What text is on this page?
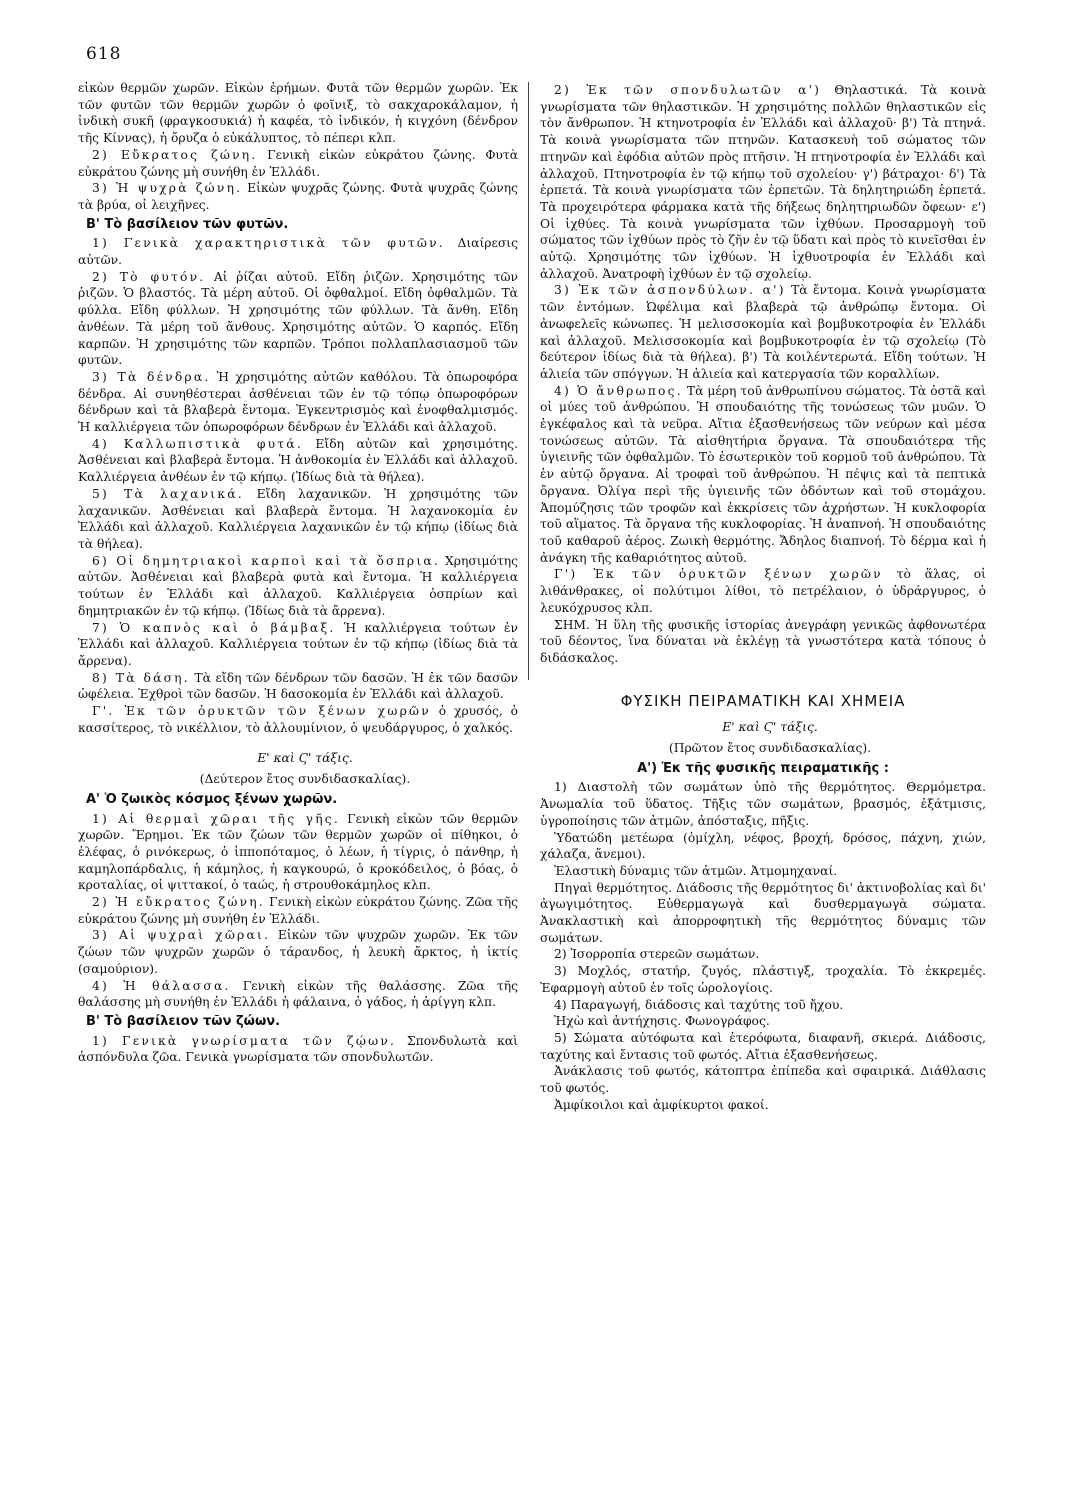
618

εἰκὼν θερμῶν χωρῶν. Εἰκὼν ἐρήμων. Φυτὰ τῶν θερμῶν χωρῶν. Ἐκ τῶν φυτῶν τῶν θερμῶν χωρῶν ὁ φοῖνιξ, τὸ σακχαροκάλαμον, ἡ ἰνδικὴ συκῆ (φραγκοσυκιά) ἡ καφέα, τὸ ἰνδικόν, ἡ κιγχόνη (δένδρον τῆς Κίννας), ἡ ὄρυζα ὁ εὐκάλυπτος, τὸ πέπερι κλπ.

2) Εὔκρατος ζώνη. Γενικὴ εἰκὼν εὐκράτου ζώνης. Φυτὰ εὐκράτου ζώνης μὴ συνήθη ἐν Ἑλλάδι.

3) Ἡ ψυχρὰ ζώνη. Εἰκὼν ψυχρᾶς ζώνης. Φυτὰ ψυχρᾶς ζώνης τὰ βρύα, οἱ λειχῆνες.

Β' Τὸ βασίλειον τῶν φυτῶν.

1) Γενικὰ χαρακτηριστικὰ τῶν φυτῶν. Διαίρεσις αὐτῶν.

2) Τὸ φυτόν. Αἱ ῥίζαι αὐτοῦ. Εἴδη ῥιζῶν. Χρησιμότης τῶν ῥιζῶν. Ὁ βλαστός. Τὰ μέρη αὐτοῦ. Οἱ ὀφθαλμοί. Εἴδη ὀφθαλμῶν. Τὰ φύλλα. Εἴδη φύλλων. Ἡ χρησιμότης τῶν φύλλων. Τὰ ἄνθη. Εἴδη ἀνθέων. Τὰ μέρη τοῦ ἄνθους. Χρησιμότης αὐτῶν. Ὁ καρπός. Εἴδη καρπῶν. Ἡ χρησιμότης τῶν καρπῶν. Τρόποι πολλαπλασιασμοῦ τῶν φυτῶν.

3) Τὰ δένδρα. Ἡ χρησιμότης αὐτῶν καθόλου. Τὰ ὀπωροφόρα δένδρα. Αἱ συνηθέστεραι ἀσθένειαι τῶν ἐν τῷ τόπῳ ὀπωροφόρων δένδρων καὶ τὰ βλαβερὰ ἔντομα. Ἐγκεντρισμὸς καὶ ἐνοφθαλμισμός. Ἡ καλλιέργεια τῶν ὀπωροφόρων δένδρων ἐν Ἑλλάδι καὶ ἀλλαχοῦ.

4) Καλλωπιστικὰ φυτά. Εἴδη αὐτῶν καὶ χρησιμότης. Ἀσθένειαι καὶ βλαβερὰ ἔντομα. Ἡ ἀνθοκομία ἐν Ἑλλάδι καὶ ἀλλαχοῦ. Καλλιέργεια ἀνθέων ἐν τῷ κήπῳ. (Ἰδίως διὰ τὰ θήλεα).

5) Τὰ λαχανικά. Εἴδη λαχανικῶν. Ἡ χρησιμότης τῶν λαχανικῶν. Ἀσθένειαι καὶ βλαβερὰ ἔντομα. Ἡ λαχανοκομία ἐν Ἑλλάδι καὶ ἀλλαχοῦ. Καλλιέργεια λαχανικῶν ἐν τῷ κήπῳ (ἰδίως διὰ τὰ θήλεα).

6) Οἱ δημητριακοὶ καρποὶ καὶ τὰ ὄσπρια. Χρησιμότης αὐτῶν. Ἀσθένειαι καὶ βλαβερὰ φυτὰ καὶ ἔντομα. Ἡ καλλιέργεια τούτων ἐν Ἑλλάδι καὶ ἀλλαχοῦ. Καλλιέργεια ὀσπρίων καὶ δημητριακῶν ἐν τῷ κήπῳ. (Ἰδίως διὰ τὰ ἄρρενα).

7) Ὁ καπνὸς καὶ ὁ βάμβαξ. Ἡ καλλιέργεια τούτων ἐν Ἑλλάδι καὶ ἀλλαχοῦ. Καλλιέργεια τούτων ἐν τῷ κήπῳ (ἰδίως διὰ τὰ ἄρρενα).

8) Τὰ δάση. Τὰ εἴδη τῶν δένδρων τῶν δασῶν. Ἡ ἐκ τῶν δασῶν ὠφέλεια. Ἐχθροὶ τῶν δασῶν. Ἡ δασοκομία ἐν Ἑλλάδι καὶ ἀλλαχοῦ.

Γ'. Ἐκ τῶν ὀρυκτῶν τῶν ξένων χωρῶν ὁ χρυσός, ὁ κασσίτερος, τὸ νικέλλιον, τὸ ἀλλουμίνιον, ὁ ψευδάργυρος, ὁ χαλκός.

Ε' καὶ Ϛ' τάξις.

(Δεύτερον ἔτος συνδιδασκαλίας).

Α' Ὁ ζωικὸς κόσμος ξένων χωρῶν.

1) Αἱ θερμαὶ χῶραι τῆς γῆς. Γενικὴ εἰκὼν τῶν θερμῶν χωρῶν. Ἔρημοι. Ἐκ τῶν ζώων τῶν θερμῶν χωρῶν οἱ πίθηκοι, ὁ ἐλέφας, ὁ ρινόκερως, ὁ ἱπποπόταμος, ὁ λέων, ἡ τίγρις, ὁ πάνθηρ, ἡ καμηλοπάρδαλις, ἡ κάμηλος, ἡ καγκουρώ, ὁ κροκόδειλος, ὁ βόας, ὁ κροταλίας, οἱ ψιττακοί, ὁ ταώς, ἡ στρουθοκάμηλος κλπ.

2) Ἡ εὔκρατος ζώνη. Γενικὴ εἰκὼν εὐκράτου ζώνης. Ζῶα τῆς εὐκράτου ζώνης μὴ συνήθη ἐν Ἑλλάδι.

3) Αἱ ψυχραὶ χῶραι. Εἰκὼν τῶν ψυχρῶν χωρῶν. Ἐκ τῶν ζώων τῶν ψυχρῶν χωρῶν ὁ τάρανδος, ἡ λευκὴ ἄρκτος, ἡ ἰκτίς (σαμούριον).

4) Ἡ θάλασσα. Γενικὴ εἰκὼν τῆς θαλάσσης. Ζῶα τῆς θαλάσσης μὴ συνήθη ἐν Ἑλλάδι ἡ φάλαινα, ὁ γάδος, ἡ ἀρίγγη κλπ.

Β' Τὸ βασίλειον τῶν ζώων.

1) Γενικὰ γνωρίσματα τῶν ζῴων. Σπονδυλωτὰ καὶ ἀσπόνδυλα ζῶα. Γενικὰ γνωρίσματα τῶν σπονδυλωτῶν.

2) Ἐκ τῶν σπονδυλωτῶν α') Θηλαστικά. Τὰ κοινὰ γνωρίσματα τῶν θηλαστικῶν. Ἡ χρησιμότης πολλῶν θηλαστικῶν εἰς τὸν ἄνθρωπον. Ἡ κτηνοτροφία ἐν Ἑλλάδι καὶ ἀλλαχοῦ· β') Τὰ πτηνά. Τὰ κοινὰ γνωρίσματα τῶν πτηνῶν. Κατασκευὴ τοῦ σώματος τῶν πτηνῶν καὶ ἐφόδια αὐτῶν πρὸς πτῆσιν. Ἡ πτηνοτροφία ἐν Ἑλλάδι καὶ ἀλλαχοῦ. Πτηνοτροφία ἐν τῷ κήπῳ τοῦ σχολείου· γ') βάτραχοι· δ') Τὰ ἑρπετά. Τὰ κοινὰ γνωρίσματα τῶν ἑρπετῶν. Τὰ δηλητηριώδη ἑρπετά. Τὰ προχειρότερα φάρμακα κατὰ τῆς δήξεως δηλητηριωδῶν ὄφεων· ε') Οἱ ἰχθύες. Τὰ κοινὰ γνωρίσματα τῶν ἰχθύων. Προσαρμογὴ τοῦ σώματος τῶν ἰχθύων πρὸς τὸ ζῆν ἐν τῷ ὕδατι καὶ πρὸς τὸ κινεῖσθαι ἐν αὐτῷ. Χρησιμότης τῶν ἰχθύων. Ἡ ἰχθυοτροφία ἐν Ἑλλάδι καὶ ἀλλαχοῦ. Ἀνατροφὴ ἰχθύων ἐν τῷ σχολείῳ.

3) Ἐκ τῶν ἀσπονδύλων. α') Τὰ ἔντομα. Κοινὰ γνωρίσματα τῶν ἐντόμων. Ὠφέλιμα καὶ βλαβερὰ τῷ ἀνθρώπῳ ἔντομα. Οἱ ἀνωφελεῖς κώνωπες. Ἡ μελισσοκομία καὶ βομβυκοτροφία ἐν Ἑλλάδι καὶ ἀλλαχοῦ. Μελισσοκομία καὶ βομβυκοτροφία ἐν τῷ σχολείῳ (Τὸ δεύτερον ἰδίως διὰ τὰ θήλεα). β') Τὰ κοιλέντερωτά. Εἴδη τούτων. Ἡ ἁλιεία τῶν σπόγγων. Ἡ ἁλιεία καὶ κατεργασία τῶν κοραλλίων.

4) Ὁ ἄνθρωπος. Τὰ μέρη τοῦ ἀνθρωπίνου σώματος. Τὰ ὀστᾶ καὶ οἱ μύες τοῦ ἀνθρώπου. Ἡ σπουδαιότης τῆς τονώσεως τῶν μυῶν. Ὁ ἐγκέφαλος καὶ τὰ νεῦρα. Αἴτια ἐξασθενήσεως τῶν νεύρων καὶ μέσα τονώσεως αὐτῶν. Τὰ αἰσθητήρια ὄργανα. Τὰ σπουδαιότερα τῆς ὑγιεινῆς τῶν ὀφθαλμῶν. Τὸ ἐσωτερικὸν τοῦ κορμοῦ τοῦ ἀνθρώπου. Τὰ ἐν αὐτῷ ὄργανα. Αἱ τροφαὶ τοῦ ἀνθρώπου. Ἡ πέψις καὶ τὰ πεπτικὰ ὄργανα. Ὀλίγα περὶ τῆς ὑγιεινῆς τῶν ὀδόντων καὶ τοῦ στομάχου. Ἀπομύζησις τῶν τροφῶν καὶ ἐκκρίσεις τῶν ἀχρήστων. Ἡ κυκλοφορία τοῦ αἵματος. Τὰ ὄργανα τῆς κυκλοφορίας. Ἡ ἀναπνοή. Ἡ σπουδαιότης τοῦ καθαροῦ ἀέρος. Ζωικὴ θερμότης. Ἄδηλος διαπνοή. Τὸ δέρμα καὶ ἡ ἀνάγκη τῆς καθαριότητος αὐτοῦ.

Γ') Ἐκ τῶν ὀρυκτῶν ξένων χωρῶν τὸ ἅλας, οἱ λιθάνθρακες, οἱ πολύτιμοι λίθοι, τὸ πετρέλαιον, ὁ ὑδράργυρος, ὁ λευκόχρυσος κλπ.

ΣΗΜ. Ἡ ὕλη τῆς φυσικῆς ἱστορίας ἀνεγράφη γενικῶς ἀφθονωτέρα τοῦ δέοντος, ἵνα δύναται νὰ ἐκλέγῃ τὰ γνωστότερα κατὰ τόπους ὁ διδάσκαλος.

ΦΥΣΙΚΗ ΠΕΙΡΑΜΑΤΙΚΗ ΚΑΙ ΧΗΜΕΙΑ

Ε' καὶ Ϛ' τάξις.

(Πρῶτον ἔτος συνδιδασκαλίας).

Α') Ἐκ τῆς φυσικῆς πειραματικῆς :

1) Διαστολὴ τῶν σωμάτων ὑπὸ τῆς θερμότητος. Θερμόμετρα. Ἀνωμαλία τοῦ ὕδατος. Τῆξις τῶν σωμάτων, βρασμός, ἐξάτμισις, ὑγροποίησις τῶν ἀτμῶν, ἀπόσταξις, πῆξις.

Ὑδατώδη μετέωρα (ὁμίχλη, νέφος, βροχή, δρόσος, πάχνη, χιών, χάλαζα, ἄνεμοι).

Ἐλαστικὴ δύναμις τῶν ἀτμῶν. Ἀτμομηχαναί.

Πηγαὶ θερμότητος. Διάδοσις τῆς θερμότητος δι' ἀκτινοβολίας καὶ δι' ἀγωγιμότητος. Εὐθερμαγωγὰ καὶ δυσθερμαγωγὰ σώματα. Ἀνακλαστικὴ καὶ ἀπορροφητικὴ τῆς θερμότητος δύναμις τῶν σωμάτων.

2) Ἰσορροπία στερεῶν σωμάτων.

3) Μοχλός, στατήρ, ζυγός, πλάστιγξ, τροχαλία. Τὸ ἐκκρεμές. Ἐφαρμογὴ αὐτοῦ ἐν τοῖς ὡρολογίοις.

4) Παραγωγή, διάδοσις καὶ ταχύτης τοῦ ἤχου.

Ἠχὼ καὶ ἀντήχησις. Φωνογράφος.

5) Σώματα αὐτόφωτα καὶ ἑτερόφωτα, διαφανῆ, σκιερά. Διάδοσις, ταχύτης καὶ ἔντασις τοῦ φωτός. Αἴτια ἐξασθενήσεως.

Ἀνάκλασις τοῦ φωτός, κάτοπτρα ἐπίπεδα καὶ σφαιρικά. Διάθλασις τοῦ φωτός.

Ἀμφίκοιλοι καὶ ἀμφίκυρτοι φακοί.
